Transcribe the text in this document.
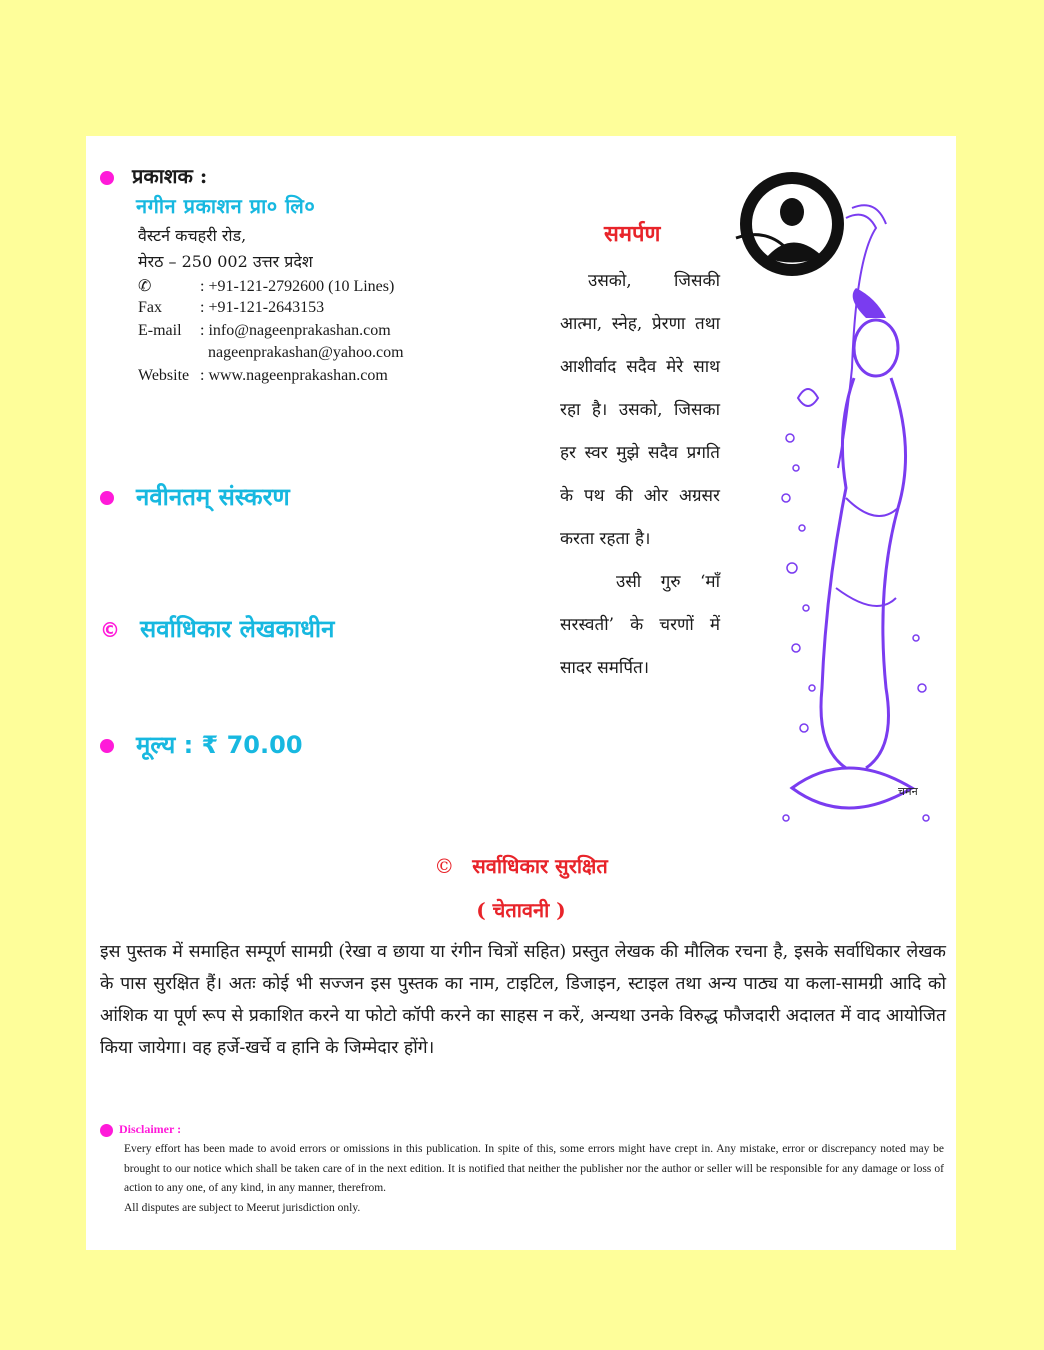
प्रकाशक :
नगीन प्रकाशन प्रा० लि०
वैस्टर्न कचहरी रोड,
मेरठ – 250 002 उत्तर प्रदेश
✆	: +91-121-2792600 (10 Lines)
Fax : +91-121-2643153
E-mail : info@nageenprakashan.com
nageenprakashan@yahoo.com
Website : www.nageenprakashan.com
नवीनतम् संस्करण
© सर्वाधिकार लेखकाधीन
मूल्य : ₹ 70.00
समर्पण

उसको, जिसकी आत्मा, स्नेह, प्रेरणा तथा आशीर्वाद सदैव मेरे साथ रहा है। उसको, जिसका हर स्वर मुझे सदैव प्रगति के पथ की ओर अग्रसर करता रहता है।

उसी गुरु ‘माँ सरस्वती’ के चरणों में सादर समर्पित।

चमन
© सर्वाधिकार सुरक्षित
( चेतावनी )
इस पुस्तक में समाहित सम्पूर्ण सामग्री (रेखा व छाया या रंगीन चित्रों सहित) प्रस्तुत लेखक की मौलिक रचना है, इसके सर्वाधिकार लेखक के पास सुरक्षित हैं। अतः कोई भी सज्जन इस पुस्तक का नाम, टाइटिल, डिजाइन, स्टाइल तथा अन्य पाठ्य या कला-सामग्री आदि को आंशिक या पूर्ण रूप से प्रकाशित करने या फोटो कॉपी करने का साहस न करें, अन्यथा उनके विरुद्ध फौजदारी अदालत में वाद आयोजित किया जायेगा। वह हर्जे-खर्चे व हानि के जिम्मेदार होंगे।
Disclaimer :

Every effort has been made to avoid errors or omissions in this publication. In spite of this, some errors might have crept in. Any mistake, error or discrepancy noted may be brought to our notice which shall be taken care of in the next edition. It is notified that neither the publisher nor the author or seller will be responsible for any damage or loss of action to any one, of any kind, in any manner, therefrom.

All disputes are subject to Meerut jurisdiction only.
